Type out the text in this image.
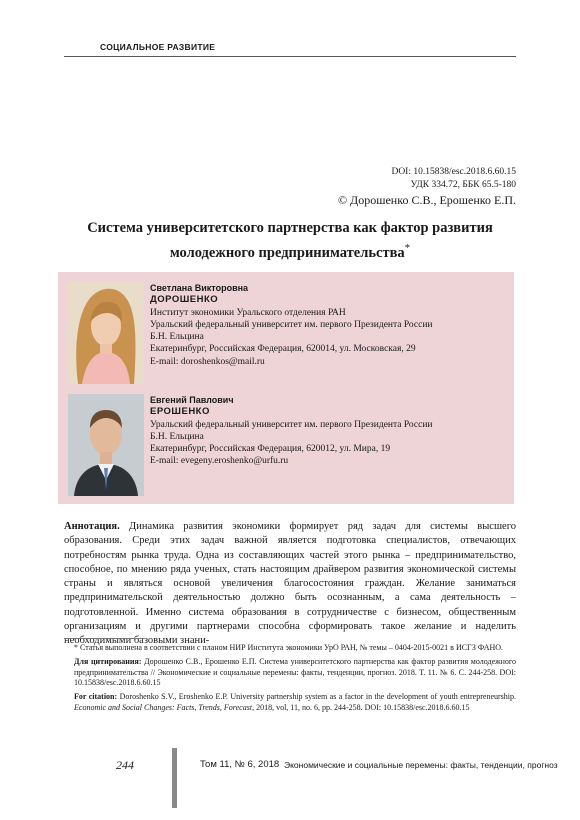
СОЦИАЛЬНОЕ РАЗВИТИЕ
DOI: 10.15838/esc.2018.6.60.15
УДК 334.72, ББК 65.5-180
© Дорошенко С.В., Ерошенко Е.П.
Система университетского партнерства как фактор развития
молодежного предпринимательства*
Светлана Викторовна
ДОРОШЕНКО
Институт экономики Уральского отделения РАН
Уральский федеральный университет им. первого Президента России
Б.Н. Ельцина
Екатеринбург, Российская Федерация, 620014, ул. Московская, 29
E-mail: doroshenkos@mail.ru
Евгений Павлович
ЕРОШЕНКО
Уральский федеральный университет им. первого Президента России
Б.Н. Ельцина
Екатеринбург, Российская Федерация, 620012, ул. Мира, 19
E-mail: evegeny.eroshenko@urfu.ru
Аннотация. Динамика развития экономики формирует ряд задач для системы высшего образования. Среди этих задач важной является подготовка специалистов, отвечающих потребностям рынка труда. Одна из составляющих частей этого рынка – предпринимательство, способное, по мнению ряда ученых, стать настоящим драйвером развития экономической системы страны и являться основой увеличения благосостояния граждан. Желание заниматься предпринимательской деятельностью должно быть осознанным, а сама деятельность – подготовленной. Именно система образования в сотрудничестве с бизнесом, общественным организациям и другими партнерами способна сформировать такое желание и наделить необходимыми базовыми знани-

* Статья выполнена в соответствии с планом НИР Института экономики УрО РАН, № темы – 0404-2015-0021 в ИСГЗ ФАНО.

Для цитирования: Дорошенко С.В., Ерошенко Е.П. Система университетского партнерства как фактор развития молодежного предпринимательства // Экономические и социальные перемены: факты, тенденции, прогноз. 2018. Т. 11. № 6. С. 244-258. DOI: 10.15838/esc.2018.6.60.15

For citation: Doroshenko S.V., Eroshenko E.P. University partnership system as a factor in the development of youth entrepreneurship. Economic and Social Changes: Facts, Trends, Forecast, 2018, vol, 11, no. 6, pp. 244-258. DOI: 10.15838/esc.2018.6.60.15

244	Том 11, № 6, 2018 Экономические и социальные перемены: факты, тенденции, прогноз
